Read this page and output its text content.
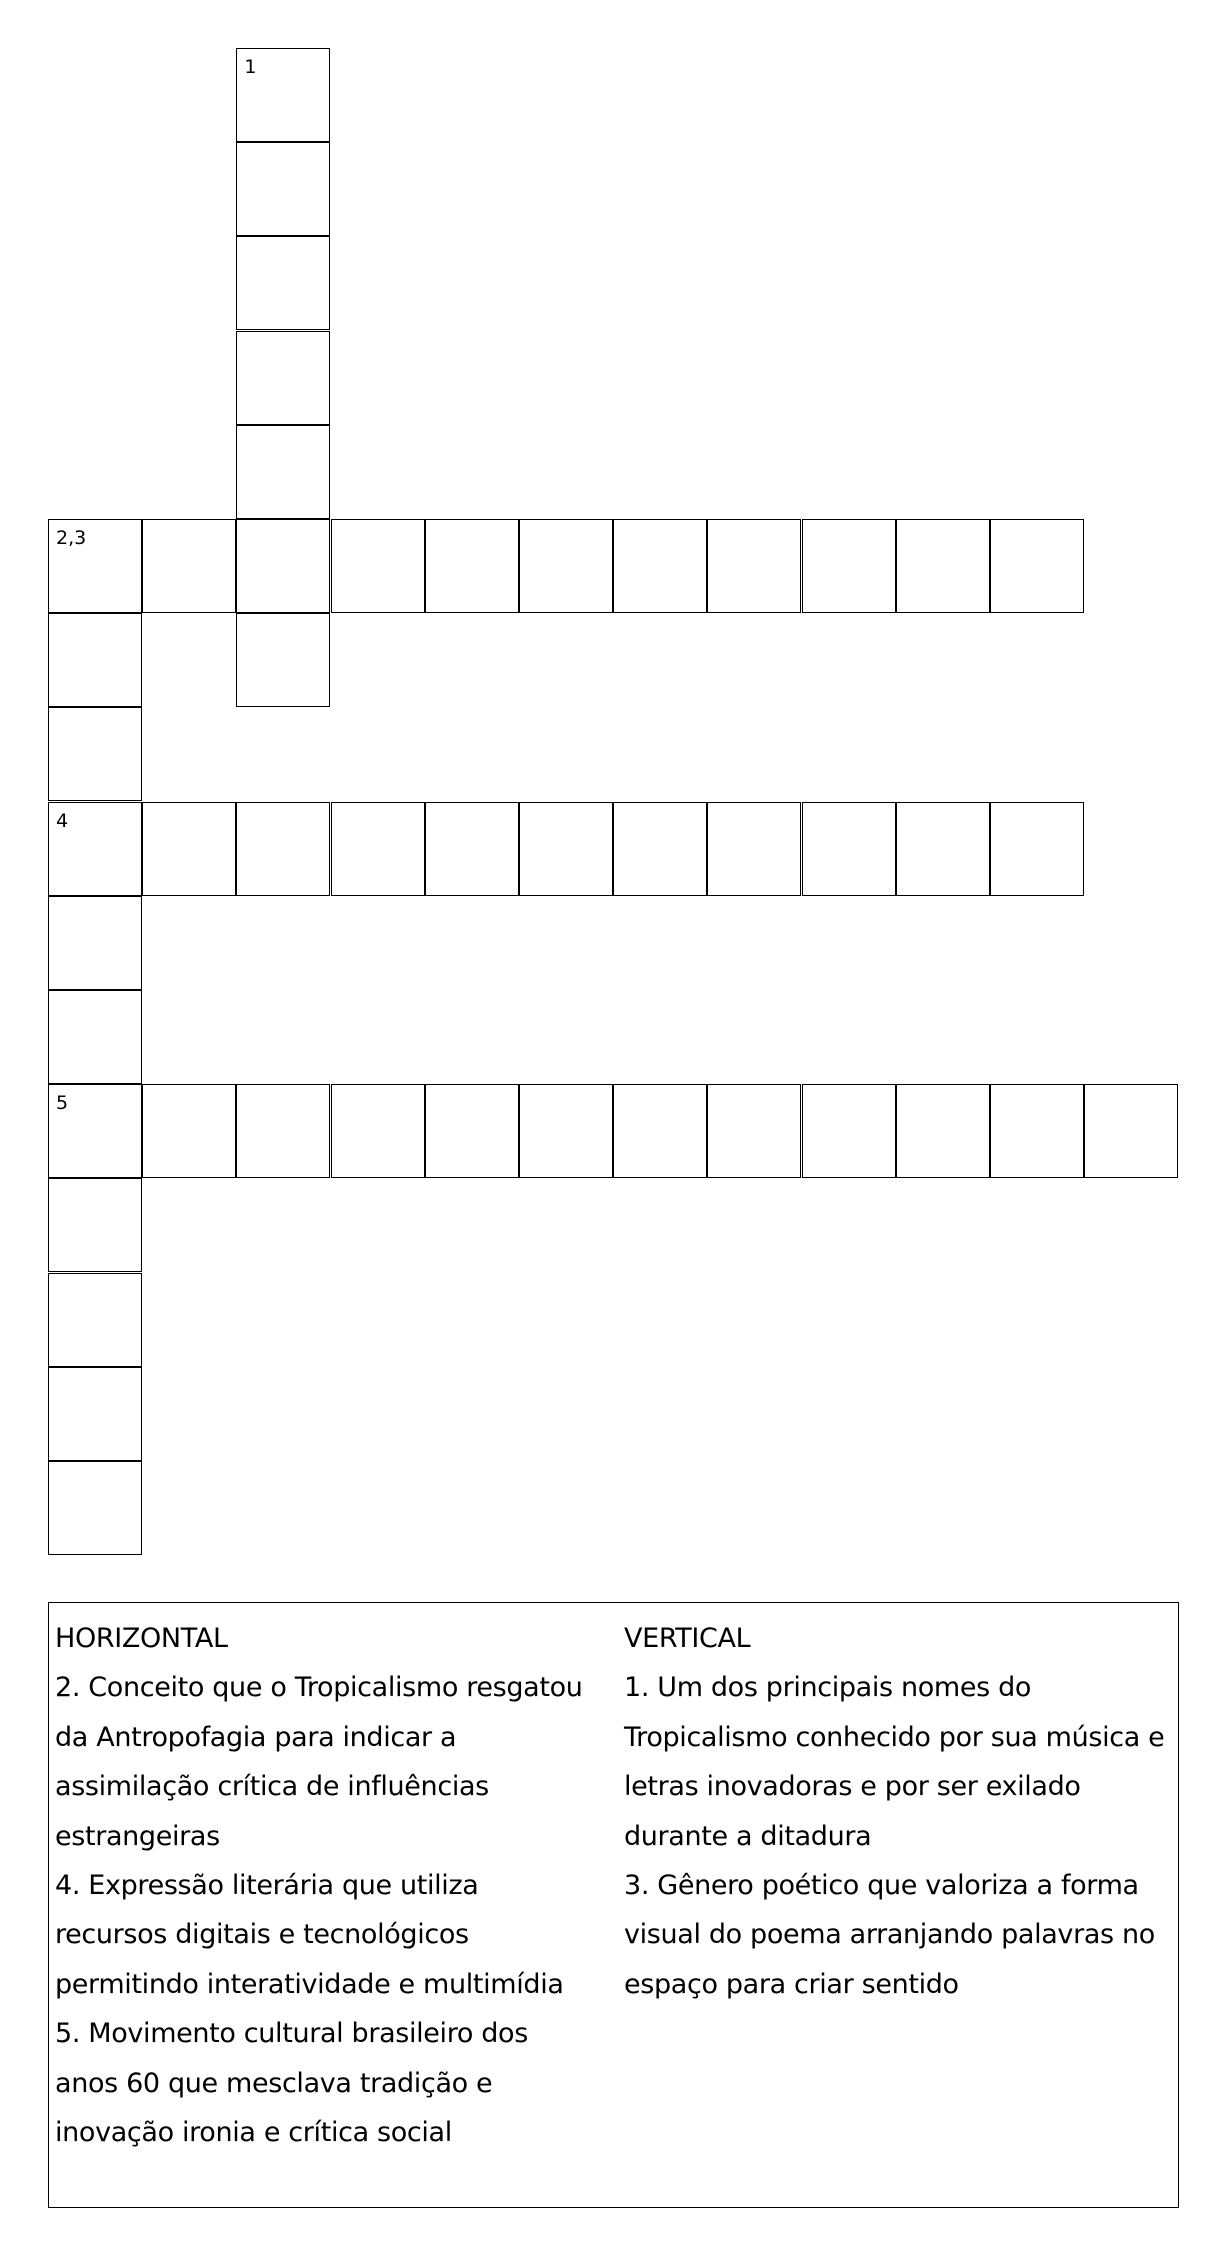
1
2,3
4
5
HORIZONTAL
2. Conceito que o Tropicalismo resgatou
da Antropofagia para indicar a
assimilação crítica de influências
estrangeiras
4. Expressão literária que utiliza
recursos digitais e tecnológicos
permitindo interatividade e multimídia
5. Movimento cultural brasileiro dos
anos 60 que mesclava tradição e
inovação ironia e crítica social
VERTICAL
1. Um dos principais nomes do
Tropicalismo conhecido por sua música e
letras inovadoras e por ser exilado
durante a ditadura
3. Gênero poético que valoriza a forma
visual do poema arranjando palavras no
espaço para criar sentido
